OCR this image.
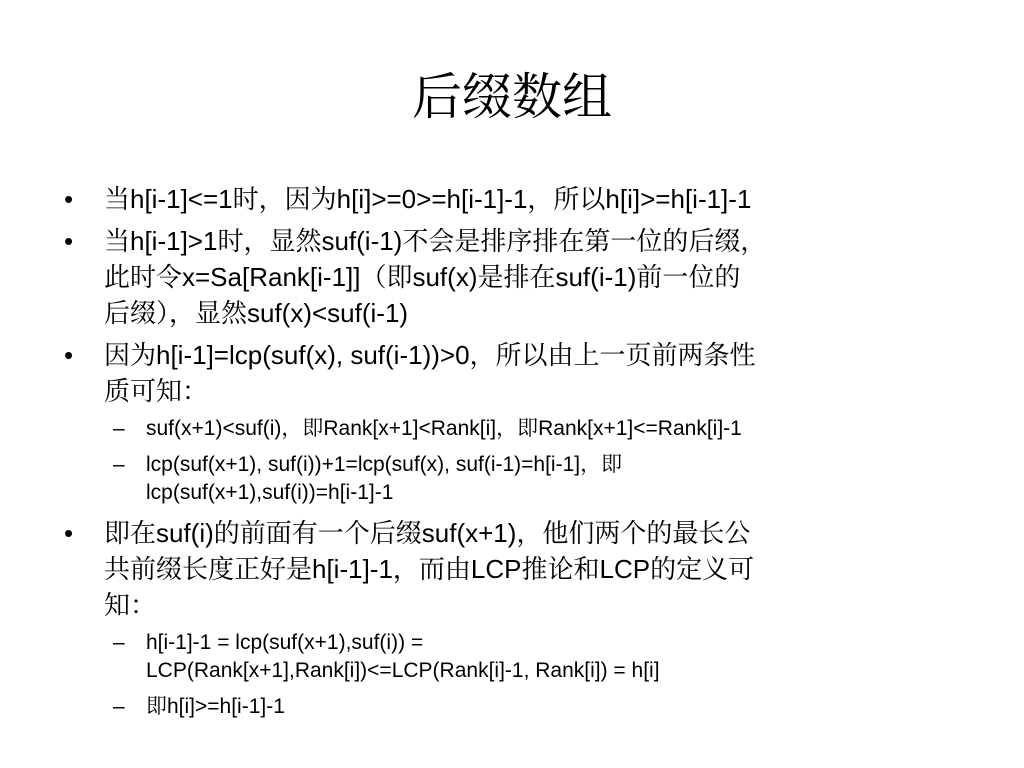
后缀数组
• 当h[i-1]<=1时，因为h[i]>=0>=h[i-1]-1，所以h[i]>=h[i-1]-1
• 当h[i-1]>1时，显然suf(i-1)不会是排序排在第一位的后缀，
此时令x=Sa[Rank[i-1]]（即suf(x)是排在suf(i-1)前一位的
后缀），显然suf(x)<suf(i-1)
• 因为h[i-1]=lcp(suf(x), suf(i-1))>0，所以由上一页前两条性
质可知：
– suf(x+1)<suf(i)，即Rank[x+1]<Rank[i]，即Rank[x+1]<=Rank[i]-1
– lcp(suf(x+1), suf(i))+1=lcp(suf(x), suf(i-1)=h[i-1]，即
lcp(suf(x+1),suf(i))=h[i-1]-1
• 即在suf(i)的前面有一个后缀suf(x+1)，他们两个的最长公
共前缀长度正好是h[i-1]-1，而由LCP推论和LCP的定义可
知：
– h[i-1]-1 = lcp(suf(x+1),suf(i)) =
LCP(Rank[x+1],Rank[i])<=LCP(Rank[i]-1, Rank[i]) = h[i]
– 即h[i]>=h[i-1]-1
